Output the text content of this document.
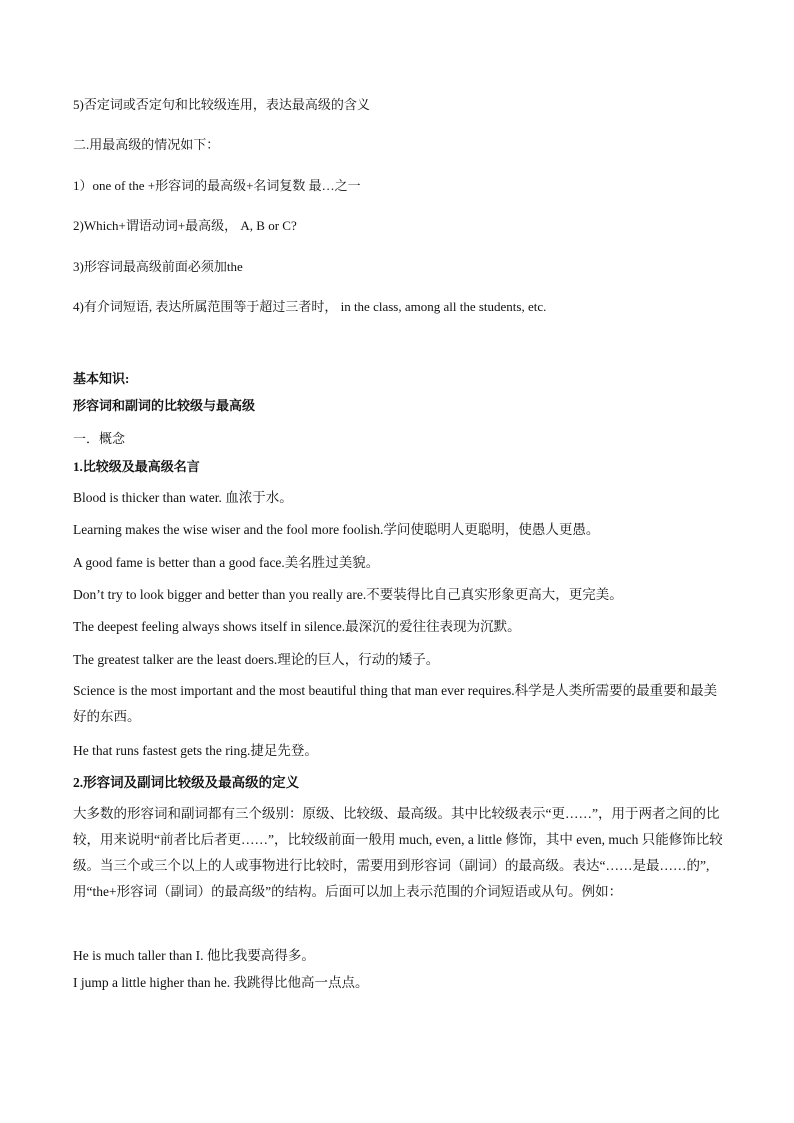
5)否定词或否定句和比较级连用，表达最高级的含义
二.用最高级的情况如下：
1）one of the +形容词的最高级+名词复数 最…之一
2)Which+谓语动词+最高级， A, B or C?
3)形容词最高级前面必须加the
4)有介词短语, 表达所属范围等于超过三者时， in the class, among all the students, etc.
基本知识:
形容词和副词的比较级与最高级
一．概念
1.比较级及最高级名言
Blood is thicker than water. 血浓于水。
Learning makes the wise wiser and the fool more foolish.学问使聪明人更聪明，使愚人更愚。
A good fame is better than a good face.美名胜过美貌。
Don’t try to look bigger and better than you really are.不要装得比自己真实形象更高大，更完美。
The deepest feeling always shows itself in silence.最深沉的爱往往表现为沉默。
The greatest talker are the least doers.理论的巨人，行动的矮子。
Science is the most important and the most beautiful thing that man ever requires.科学是人类所需要的最重要和最美好的东西。
He that runs fastest gets the ring.捷足先登。
2.形容词及副词比较级及最高级的定义
大多数的形容词和副词都有三个级别：原级、比较级、最高级。其中比较级表示“更……”，用于两者之间的比较，用来说明“前者比后者更……”，比较级前面一般用 much, even, a little 修饰，其中 even, much 只能修饰比较级。当三个或三个以上的人或事物进行比较时，需要用到形容词（副词）的最高级。表达“……是最……的”,用“the+形容词（副词）的最高级”的结构。后面可以加上表示范围的介词短语或从句。例如：
He is much taller than I. 他比我要高得多。
I jump a little higher than he. 我跳得比他高一点点。
